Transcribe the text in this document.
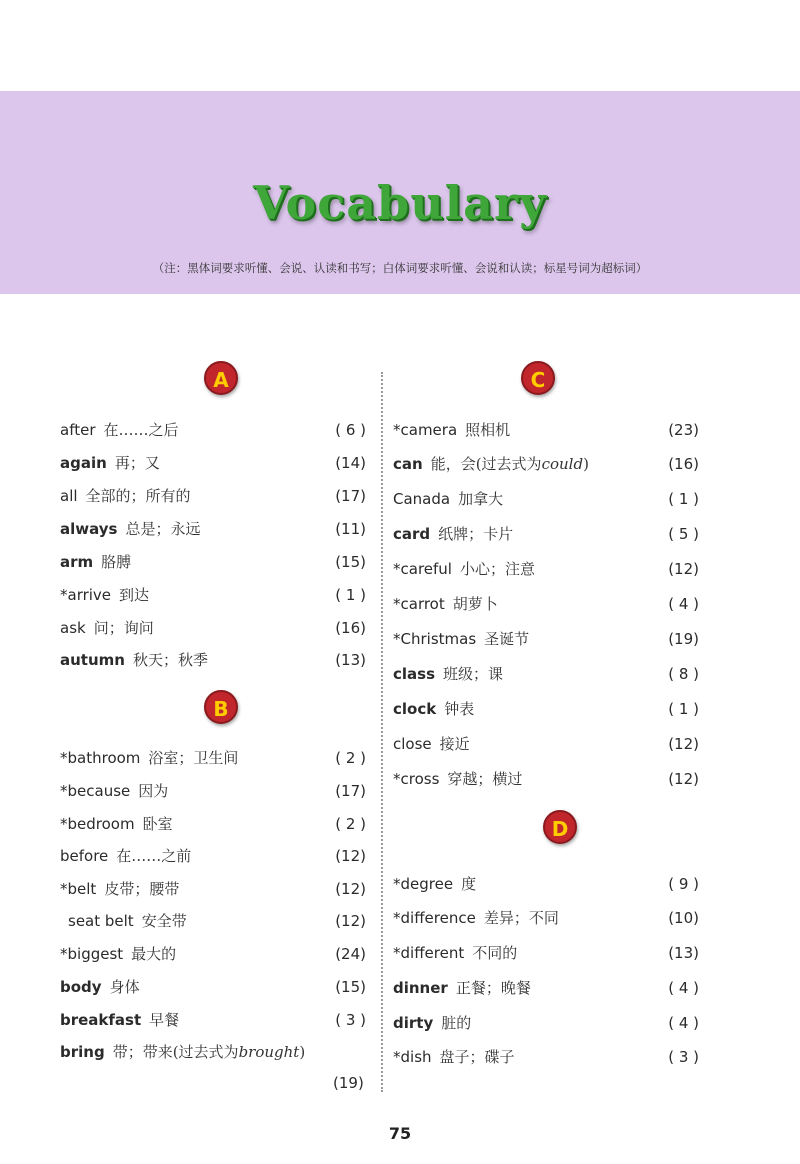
Vocabulary
（注：黑体词要求听懂、会说、认读和书写；白体词要求听懂、会说和认读；标星号词为超标词）
A
after 在……之后	( 6 )
again 再；又	(14)
all 全部的；所有的	(17)
always 总是；永远	(11)
arm 胳膊	(15)
*arrive 到达	( 1 )
ask 问；询问	(16)
autumn 秋天；秋季	(13)
B
*bathroom 浴室；卫生间	( 2 )
*because 因为	(17)
*bedroom 卧室	( 2 )
before 在……之前	(12)
*belt 皮带；腰带	(12)
seat belt 安全带	(12)
*biggest 最大的	(24)
body 身体	(15)
breakfast 早餐	( 3 )
bring 带；带来(过去式为brought)
(19)
C
*camera 照相机	(23)
can 能，会(过去式为could)	(16)
Canada 加拿大	( 1 )
card 纸牌；卡片	( 5 )
*careful 小心；注意	(12)
*carrot 胡萝卜	( 4 )
*Christmas 圣诞节	(19)
class 班级；课	( 8 )
clock 钟表	( 1 )
close 接近	(12)
*cross 穿越；横过	(12)
D
*degree 度	( 9 )
*difference 差异；不同	(10)
*different 不同的	(13)
dinner 正餐；晚餐	( 4 )
dirty 脏的	( 4 )
*dish 盘子；碟子	( 3 )
75
